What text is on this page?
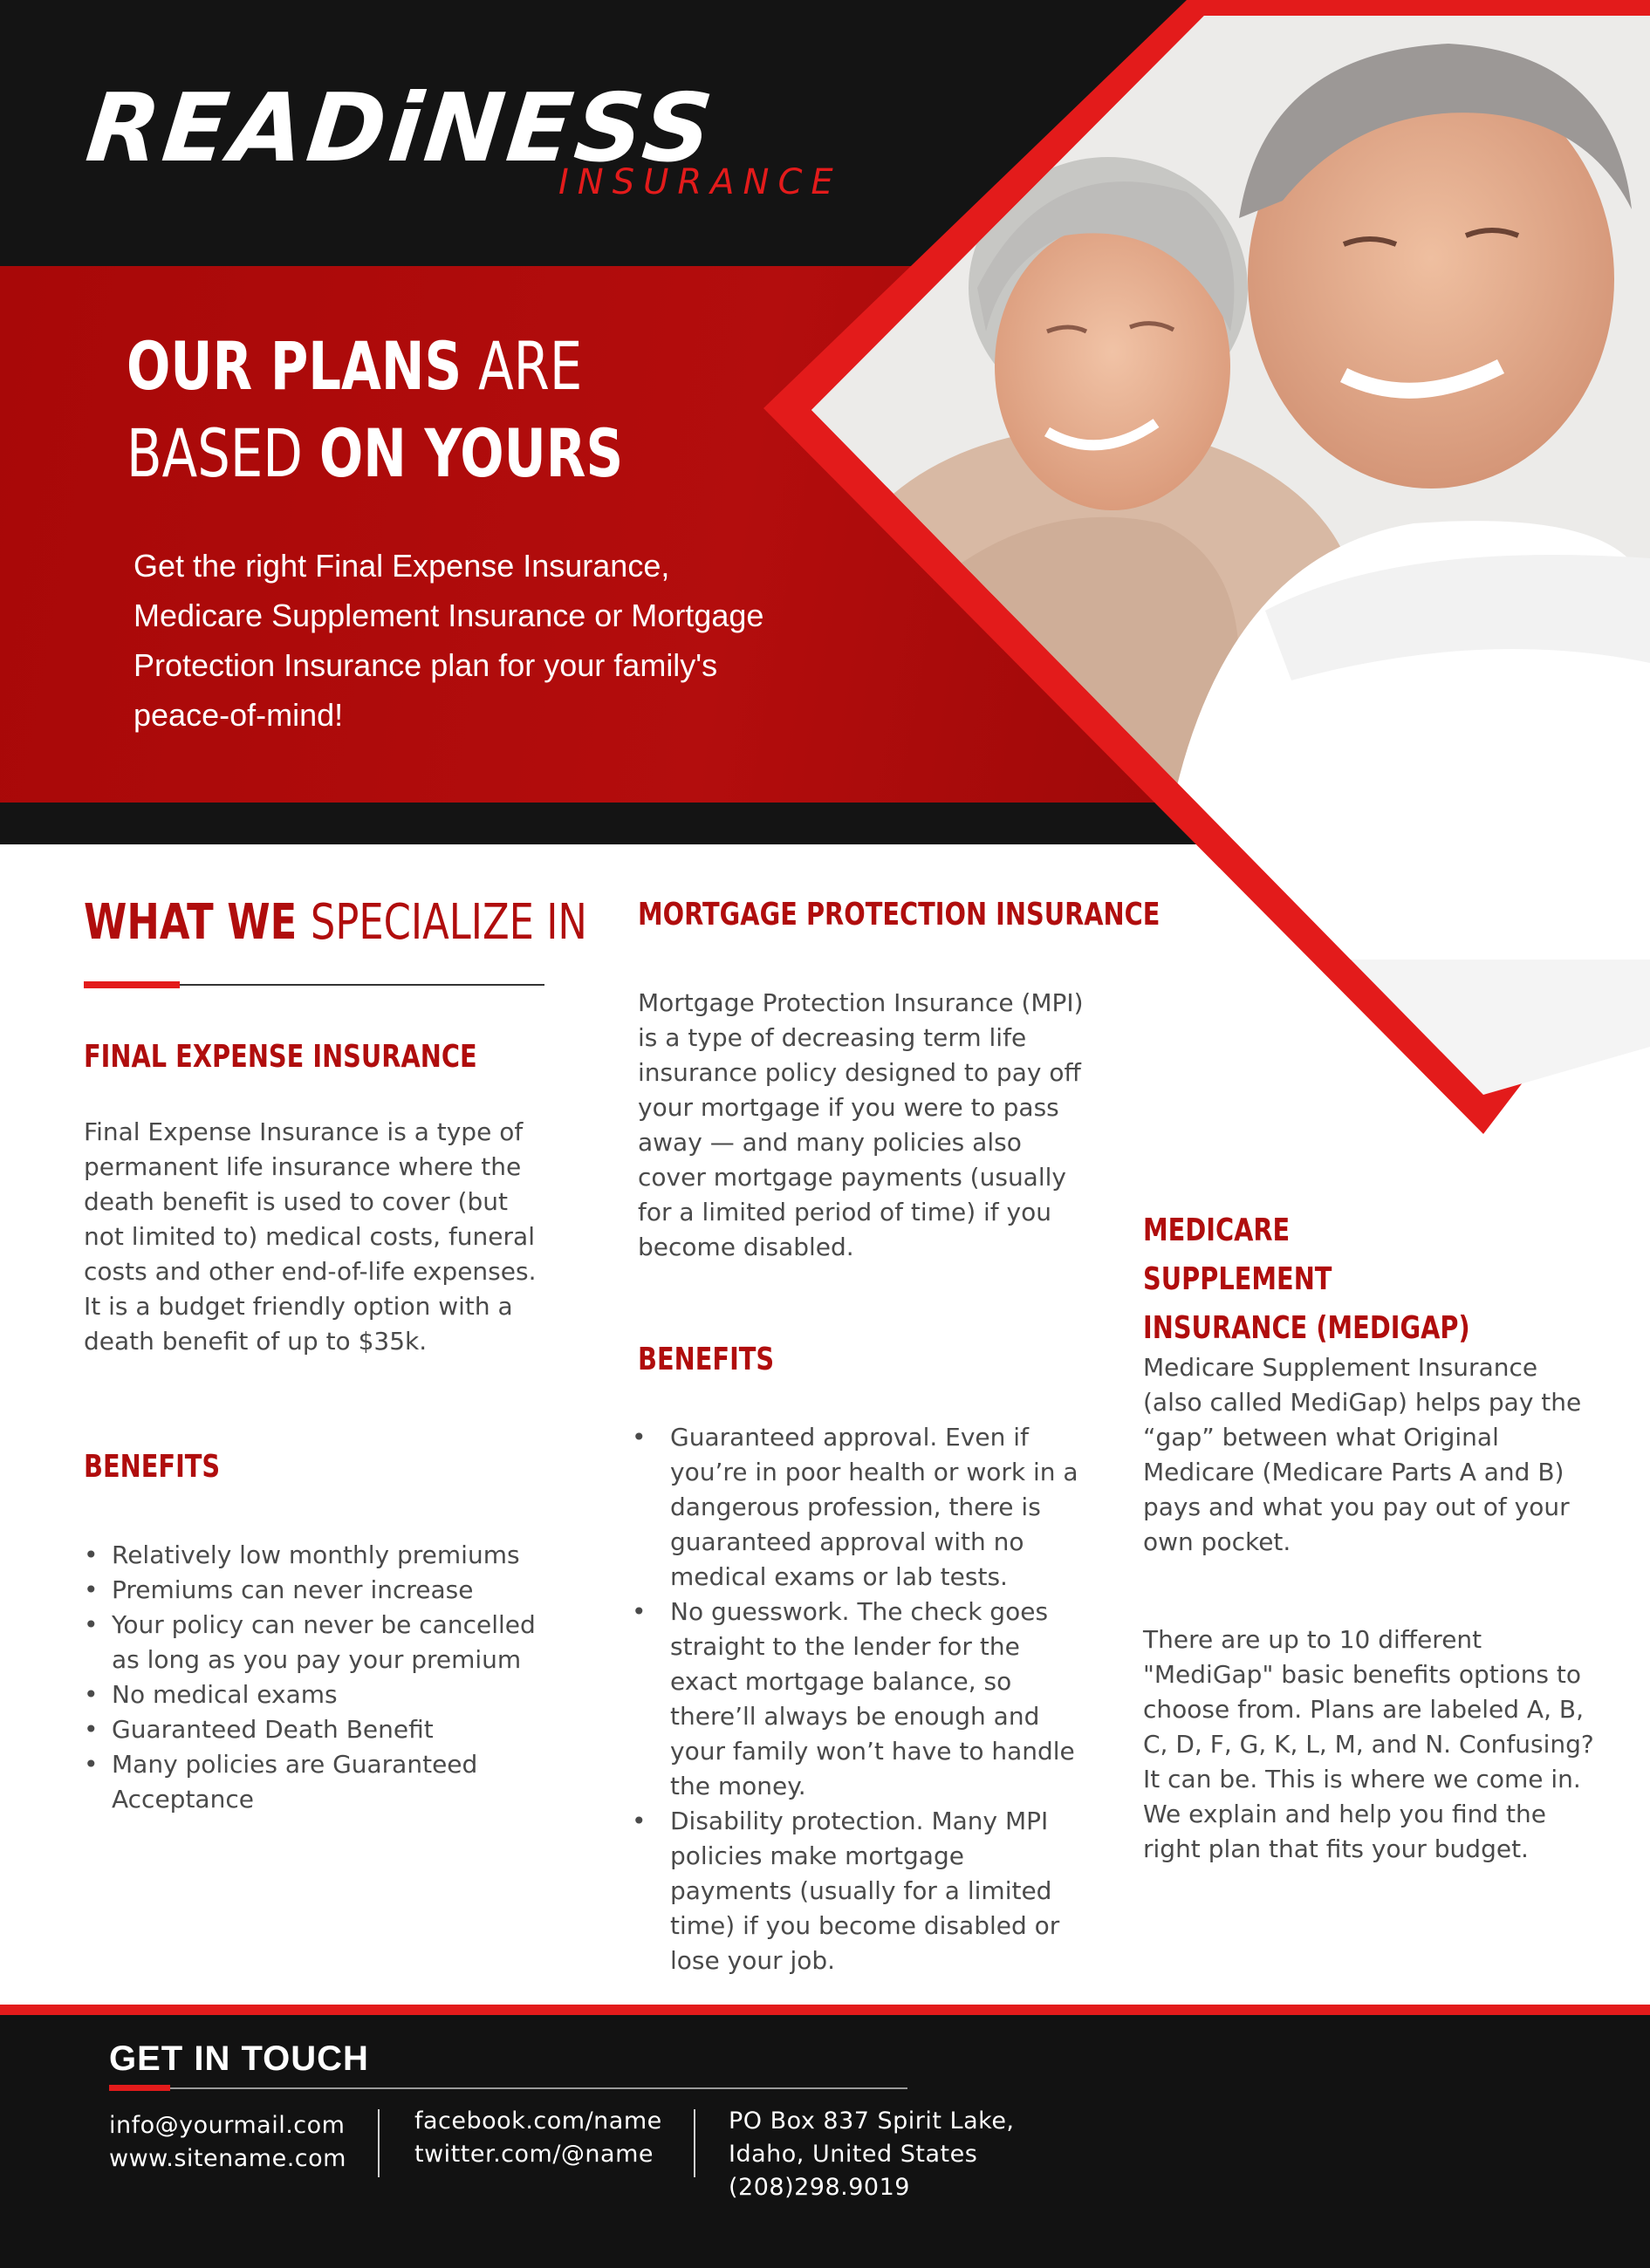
READiNESS
INSURANCE
OUR PLANS ARE
BASED ON YOURS
Get the right Final Expense Insurance,
Medicare Supplement Insurance or Mortgage
Protection Insurance plan for your family's
peace-of-mind!
WHAT WE SPECIALIZE IN
FINAL EXPENSE INSURANCE
Final Expense Insurance is a type of permanent life insurance where the death benefit is used to cover (but not limited to) medical costs, funeral costs and other end-of-life expenses. It is a budget friendly option with a death benefit of up to $35k.
BENEFITS
• Relatively low monthly premiums
• Premiums can never increase
• Your policy can never be cancelled as long as you pay your premium
• No medical exams
• Guaranteed Death Benefit
• Many policies are Guaranteed Acceptance
MORTGAGE PROTECTION INSURANCE
Mortgage Protection Insurance (MPI) is a type of decreasing term life insurance policy designed to pay off your mortgage if you were to pass away — and many policies also cover mortgage payments (usually for a limited period of time) if you become disabled.
BENEFITS
• Guaranteed approval. Even if you’re in poor health or work in a dangerous profession, there is guaranteed approval with no medical exams or lab tests.
• No guesswork. The check goes straight to the lender for the exact mortgage balance, so there’ll always be enough and your family won’t have to handle the money.
• Disability protection. Many MPI policies make mortgage payments (usually for a limited time) if you become disabled or lose your job.
MEDICARE SUPPLEMENT INSURANCE (MEDIGAP)
Medicare Supplement Insurance (also called MediGap) helps pay the “gap” between what Original Medicare (Medicare Parts A and B) pays and what you pay out of your own pocket.
There are up to 10 different "MediGap" basic benefits options to choose from. Plans are labeled A, B, C, D, F, G, K, L, M, and N. Confusing? It can be. This is where we come in. We explain and help you find the right plan that fits your budget.
GET IN TOUCH
info@yourmail.com
www.sitename.com
facebook.com/name
twitter.com/@name
PO Box 837 Spirit Lake,
Idaho, United States
(208)298.9019
